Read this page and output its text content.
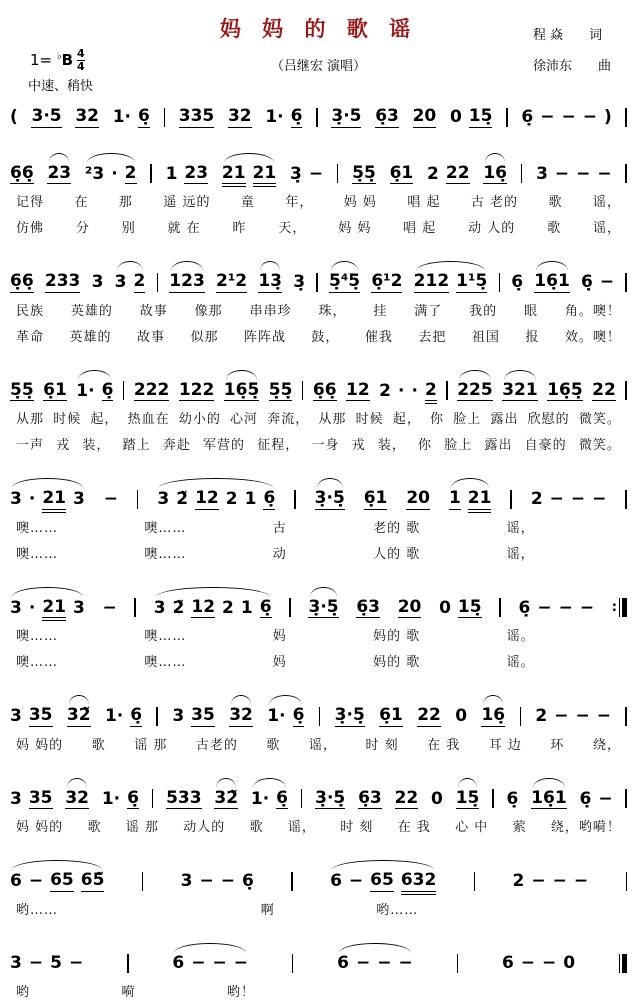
妈 妈 的 歌 谣	程 焱　　词
徐沛东　　曲
$1= ^♭B \frac{4}{4}$	（吕继宏 演唱）
中速、稍快
( 3·5 32 1· 6̣ 335 32 1· 6̣ 3̣·5 6̣3 20 0 15̣ 6̣ − − − )
6̣6̣ 23 ²3 · 2 1 23 21 21 3̣ − 5̣5̣ 6̣1 2 22 16̣ 3 − − −
记得 在 那 遥 远的 童 年， 妈 妈 唱 起 古 老的 歌 谣，
仿佛 分 别 就 在 昨 天， 妈 妈 唱 起 动 人的 歌 谣，
6̣6̣ 233 3 3 2 123 2¹2 13̣ 3̣ 5̣⁴5̣ 6̣¹2 212 1¹5̣ 6̣ 16̣1 6̣ −
民族 英雄的 故事 像那 串串珍 珠， 挂 满了 我的 眼 角。噢！
革命 英雄的 故事 似那 阵阵战 鼓， 催我 去把 祖国 报 效。噢！
5̣5̣ 6̣1 1· 6̣ 222 122 16̣5̣ 5̣5̣ 6̣6̣ 12 2 · · 2 225 321 16̣5̣ 22
从那 时候 起， 热血在 幼小的 心河 奔流， 从那 时候 起， 你 脸上 露出 欣慰的 微笑。
一声 戎 装， 踏上 奔赴 军营的 征程， 一身 戎 装， 你 脸上 露出 自豪的 微笑。
3 · 21 3 − 3 2̃ 12 2 1 6̣ 3̣·5̣ 6̣1 20 1 21 2 − − −
噢……	噢……	古	老的 歌	谣，
噢……	噢……	动	人的 歌	谣，
3 · 21 3 − 3 2̃ 12 2 1 6̣ 3̣·5̣ 6̣3 20 0 15̣ 6̣ − − − :
噢……	噢……	妈	妈的 歌	谣。
噢……	噢……	妈	妈的 歌	谣。
3 35 32̃ 1· 6̣ 3 35 32 1· 6̣ 3̣·5̣ 6̣1 22 0 16̣ 2 − − −
妈 妈的 歌 谣 那 古老的 歌 谣， 时 刻 在 我 耳 边 环 绕，
3 35 32 1· 6̣ 533 32̃ 1· 6̣ 3̣·5̣ 6̣3 22 0 15̣ 6̣ 16̣1 6̣ −
妈 妈的 歌 谣 那 动人的 歌 谣， 时 刻 在 我 心 中 萦 绕，哟嗬！
6 − 65 65̃	3 − − 6̣	6 − 65 632	2 − − −
哟……	啊	哟……
3 − 5 −	6 − − −	6 − − −	6 − − 0
哟	嗬	哟！
